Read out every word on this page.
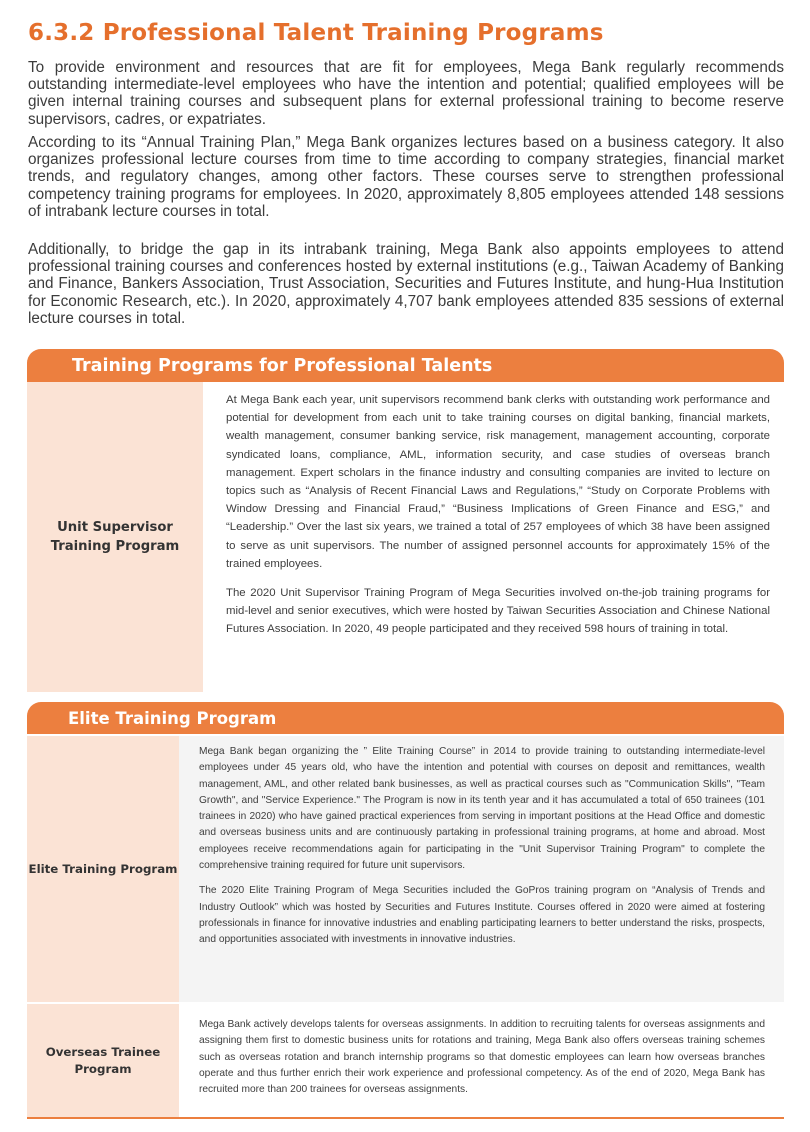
6.3.2 Professional Talent Training Programs

To provide environment and resources that are fit for employees, Mega Bank regularly recommends outstanding intermediate-level employees who have the intention and potential; qualified employees will be given internal training courses and subsequent plans for external professional training to become reserve supervisors, cadres, or expatriates.

According to its “Annual Training Plan,” Mega Bank organizes lectures based on a business category. It also organizes professional lecture courses from time to time according to company strategies, financial market trends, and regulatory changes, among other factors. These courses serve to strengthen professional competency training programs for employees. In 2020, approximately 8,805 employees attended 148 sessions of intrabank lecture courses in total.

Additionally, to bridge the gap in its intrabank training, Mega Bank also appoints employees to attend professional training courses and conferences hosted by external institutions (e.g., Taiwan Academy of Banking and Finance, Bankers Association, Trust Association, Securities and Futures Institute, and hung-Hua Institution for Economic Research, etc.). In 2020, approximately 4,707 bank employees attended 835 sessions of external lecture courses in total.

Training Programs for Professional Talents
Unit Supervisor Training Program

At Mega Bank each year, unit supervisors recommend bank clerks with outstanding work performance and potential for development from each unit to take training courses on digital banking, financial markets, wealth management, consumer banking service, risk management, management accounting, corporate syndicated loans, compliance, AML, information security, and case studies of overseas branch management. Expert scholars in the finance industry and consulting companies are invited to lecture on topics such as “Analysis of Recent Financial Laws and Regulations,” “Study on Corporate Problems with Window Dressing and Financial Fraud,” “Business Implications of Green Finance and ESG,” and “Leadership.” Over the last six years, we trained a total of 257 employees of which 38 have been assigned to serve as unit supervisors. The number of assigned personnel accounts for approximately 15% of the trained employees.

The 2020 Unit Supervisor Training Program of Mega Securities involved on-the-job training programs for mid-level and senior executives, which were hosted by Taiwan Securities Association and Chinese National Futures Association. In 2020, 49 people participated and they received 598 hours of training in total.

Elite Training Program
Elite Training Program

Mega Bank began organizing the ” Elite Training Course” in 2014 to provide training to outstanding intermediate-level employees under 45 years old, who have the intention and potential with courses on deposit and remittances, wealth management, AML, and other related bank businesses, as well as practical courses such as "Communication Skills", "Team Growth", and "Service Experience." The Program is now in its tenth year and it has accumulated a total of 650 trainees (101 trainees in 2020) who have gained practical experiences from serving in important positions at the Head Office and domestic and overseas business units and are continuously partaking in professional training programs, at home and abroad. Most employees receive recommendations again for participating in the "Unit Supervisor Training Program" to complete the comprehensive training required for future unit supervisors.

The 2020 Elite Training Program of Mega Securities included the GoPros training program on “Analysis of Trends and Industry Outlook” which was hosted by Securities and Futures Institute. Courses offered in 2020 were aimed at fostering professionals in finance for innovative industries and enabling participating learners to better understand the risks, prospects, and opportunities associated with investments in innovative industries.

Overseas Trainee Program

Mega Bank actively develops talents for overseas assignments. In addition to recruiting talents for overseas assignments and assigning them first to domestic business units for rotations and training, Mega Bank also offers overseas training schemes such as overseas rotation and branch internship programs so that domestic employees can learn how overseas branches operate and thus further enrich their work experience and professional competency. As of the end of 2020, Mega Bank has recruited more than 200 trainees for overseas assignments.
